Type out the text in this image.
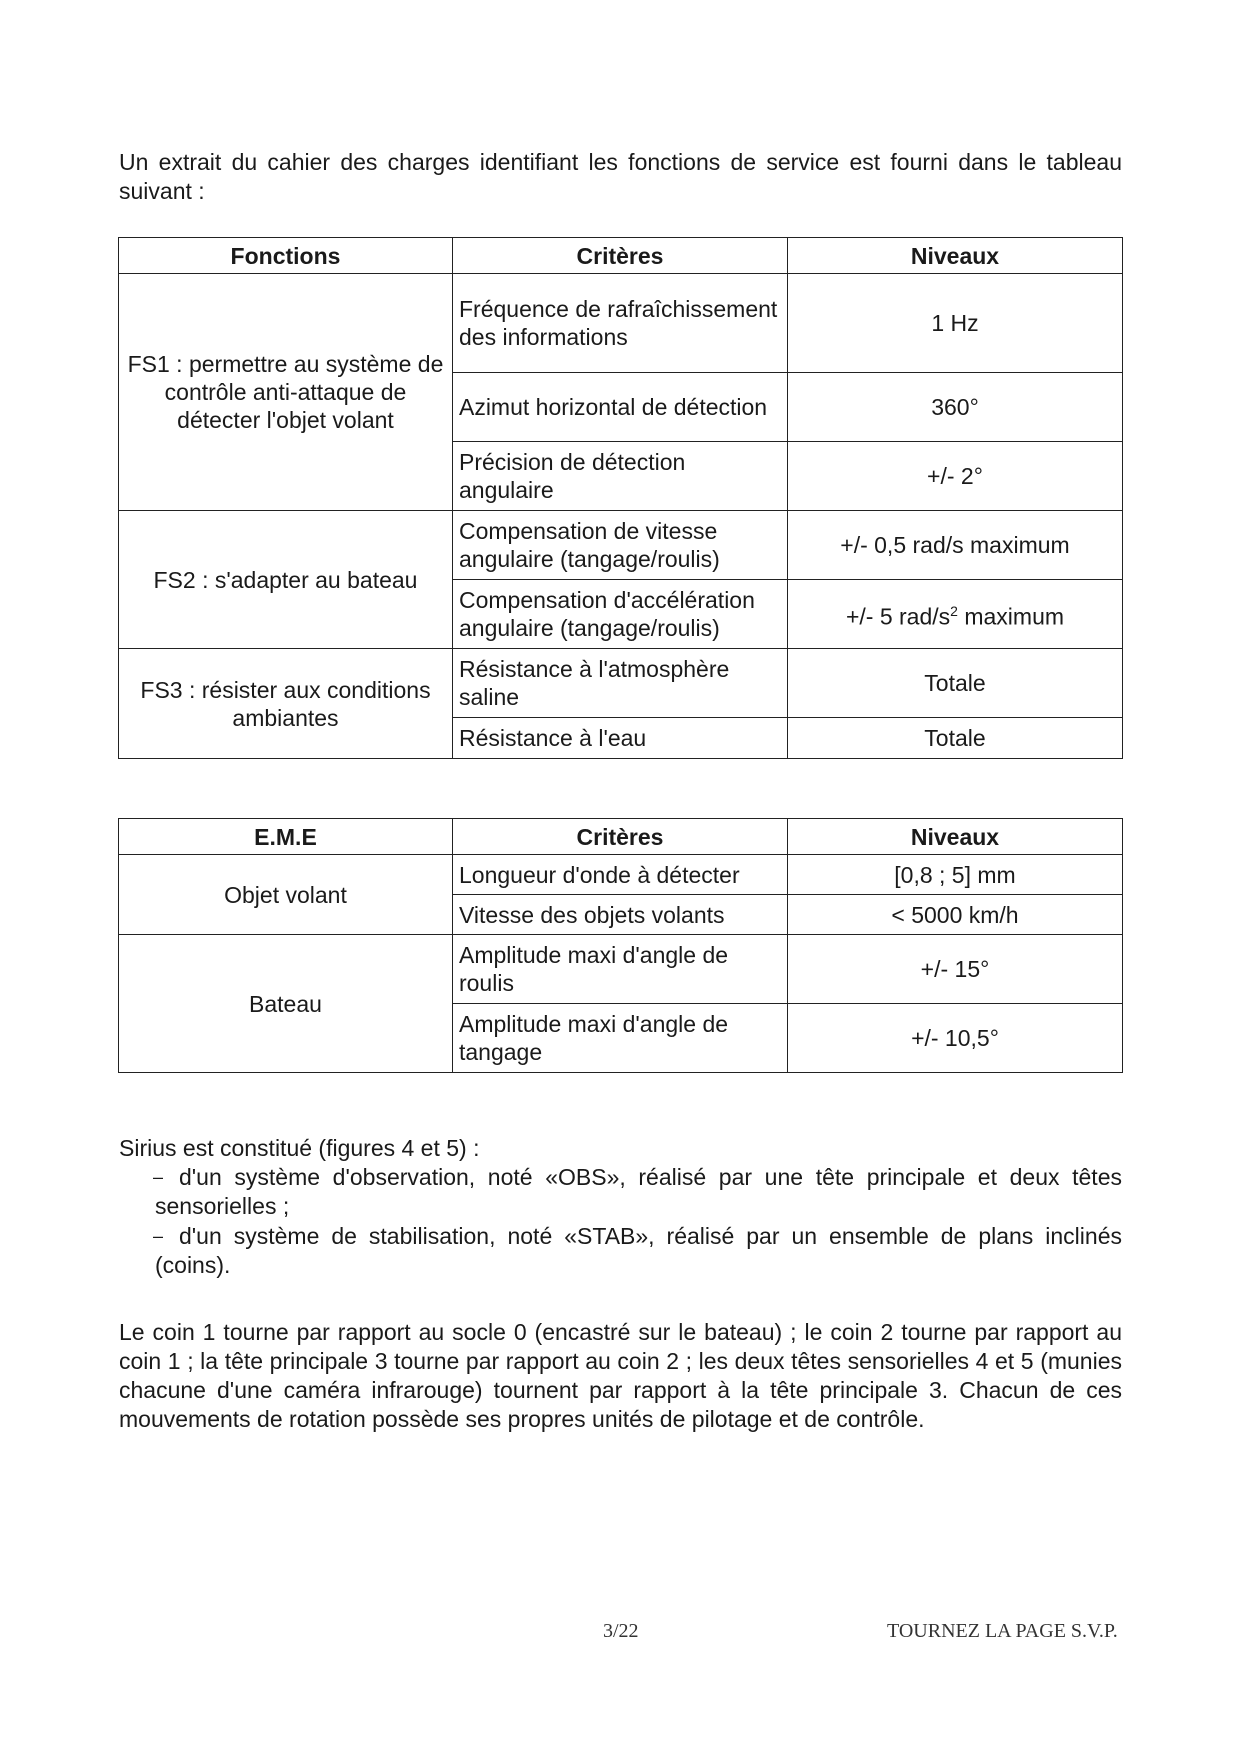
Un extrait du cahier des charges identifiant les fonctions de service est fourni dans le tableau suivant :

Fonctions	Critères	Niveaux
FS1 : permettre au système de contrôle anti-attaque de détecter l'objet volant	Fréquence de rafraîchissement des informations	1 Hz
	Azimut horizontal de détection	360°
	Précision de détection angulaire	+/- 2°
FS2 : s'adapter au bateau	Compensation de vitesse angulaire (tangage/roulis)	+/- 0,5 rad/s maximum
	Compensation d'accélération angulaire (tangage/roulis)	+/- 5 rad/$s^2$ maximum
FS3 : résister aux conditions ambiantes	Résistance à l'atmosphère saline	Totale
	Résistance à l'eau	Totale
E.M.E	Critères	Niveaux
Objet volant	Longueur d'onde à détecter	[0,8 ; 5] mm
	Vitesse des objets volants	< 5000 km/h
Bateau	Amplitude maxi d'angle de roulis	+/- 15°
	Amplitude maxi d'angle de tangage	+/- 10,5°

Sirius est constitué (figures 4 et 5) :

– d'un système d'observation, noté «OBS», réalisé par une tête principale et deux têtes sensorielles ;
– d'un système de stabilisation, noté «STAB», réalisé par un ensemble de plans inclinés (coins).

Le coin 1 tourne par rapport au socle 0 (encastré sur le bateau) ; le coin 2 tourne par rapport au coin 1 ; la tête principale 3 tourne par rapport au coin 2 ; les deux têtes sensorielles 4 et 5 (munies chacune d'une caméra infrarouge) tournent par rapport à la tête principale 3. Chacun de ces mouvements de rotation possède ses propres unités de pilotage et de contrôle.

3/22	TOURNEZ LA PAGE S.V.P.
